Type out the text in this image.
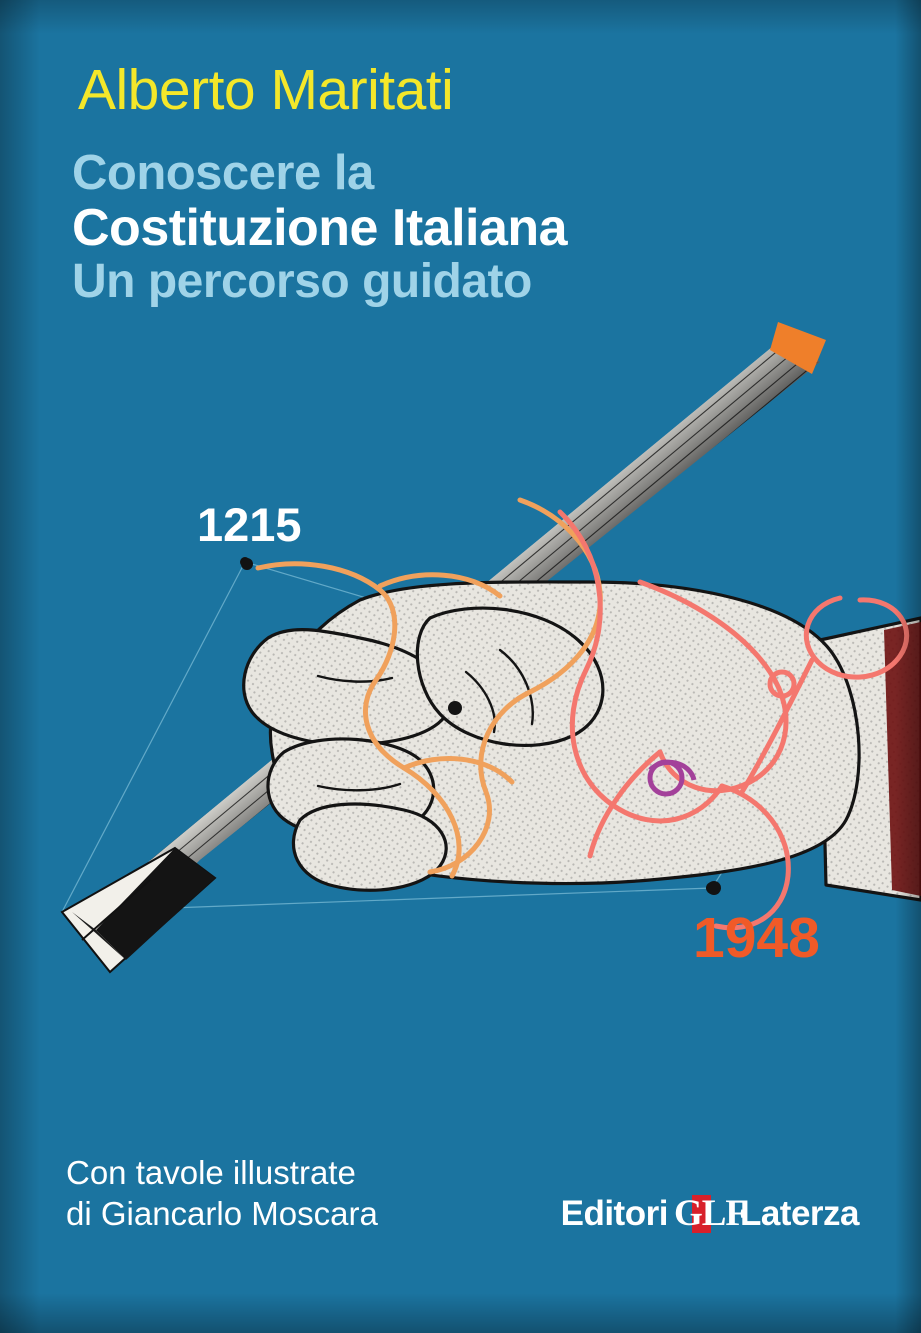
Alberto Maritati
Conoscere la
Costituzione Italiana
Un percorso guidato
1215
1948
Con tavole illustrate
di Giancarlo Moscara	Editori GLF
Laterza
